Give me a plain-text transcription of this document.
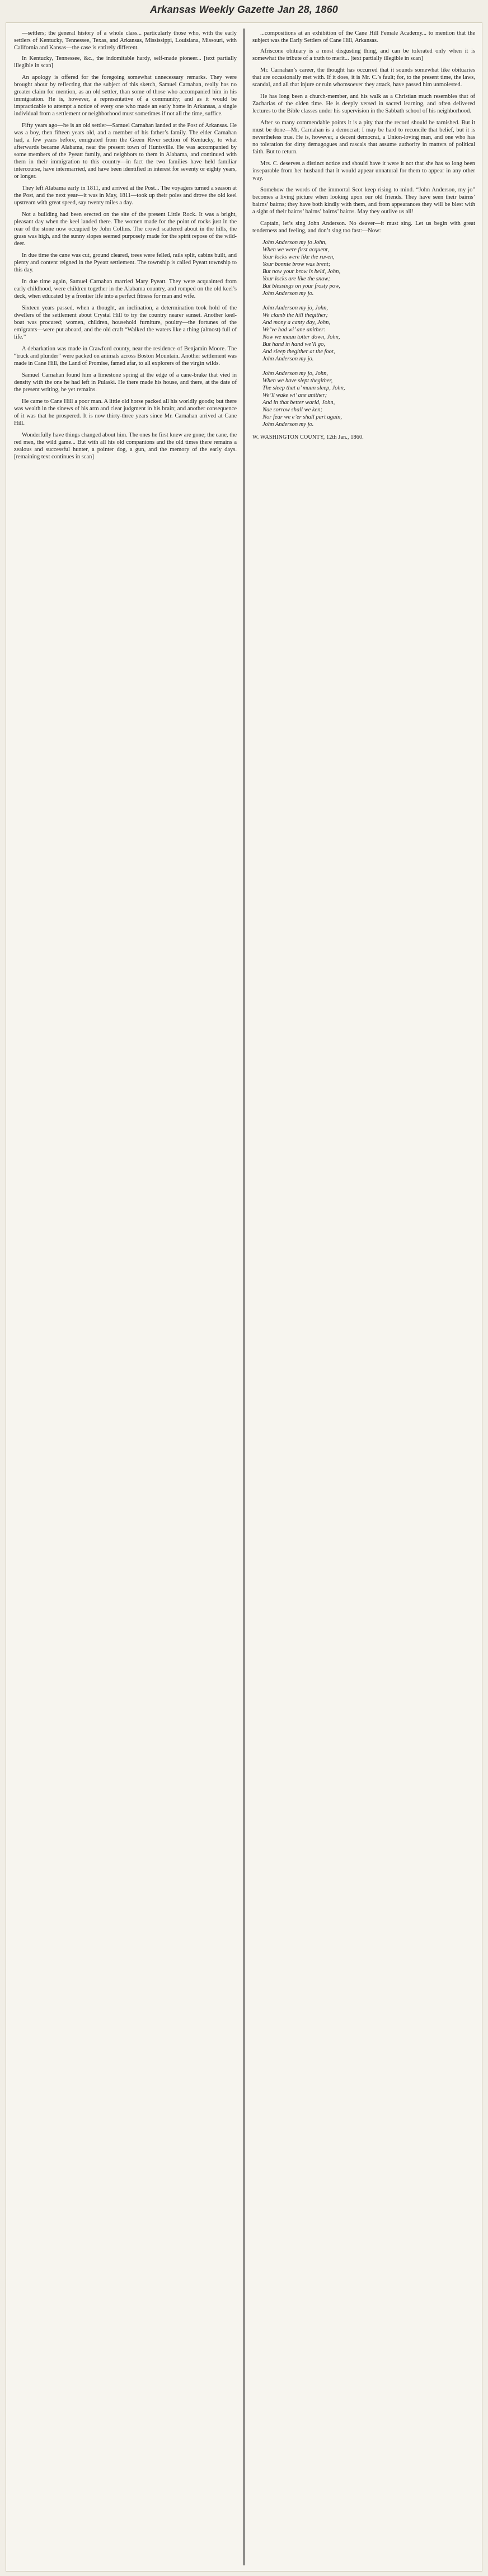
Arkansas Weekly Gazette Jan 28, 1860
—settlers; the general history of a whole class... particularly those who, with the early settlers of Kentucky, Tennessee, Texas, and Arkansas, Mississippi, Louisiana, Missouri, with California and Kansas—the case is entirely different.
In Kentucky, Tennessee, &c., the indomitable hardy, self-made pioneer... [text partially illegible in scan]
An apology is offered for the foregoing somewhat unnecessary remarks. They were brought about by reflecting that the subject of this sketch, Samuel Carnahan, really has no greater claim for mention, as an old settler, than some of those who accompanied him in his immigration. He is, however, a representative of a community; and as it would be impracticable to attempt a notice of every one who made an early home in Arkansas, a single individual from a settlement or neighborhood must sometimes if not all the time, suffice.
Fifty years ago—he is an old settler—Samuel Carnahan landed at the Post of Arkansas. He was a boy, then fifteen years old, and a member of his father’s family. The elder Carnahan had, a few years before, emigrated from the Green River section of Kentucky, to what afterwards became Alabama, near the present town of Huntsville. He was accompanied by some members of the Pyeatt family, and neighbors to them in Alabama, and continued with them in their immigration to this country—in fact the two families have held familiar intercourse, have intermarried, and have been identified in interest for seventy or eighty years, or longer.
They left Alabama early in 1811, and arrived at the Post... The voyagers turned a season at the Post, and the next year—it was in May, 1811—took up their poles and drove the old keel upstream with great speed, say twenty miles a day.
Not a building had been erected on the site of the present Little Rock. It was a bright, pleasant day when the keel landed there. The women made for the point of rocks just in the rear of the stone now occupied by John Collins. The crowd scattered about in the hills, the grass was high, and the sunny slopes seemed purposely made for the spirit repose of the wild-deer.
In due time the cane was cut, ground cleared, trees were felled, rails split, cabins built, and plenty and content reigned in the Pyeatt settlement. The township is called Pyeatt township to this day.
In due time again, Samuel Carnahan married Mary Pyeatt. They were acquainted from early childhood, were children together in the Alabama country, and romped on the old keel’s deck, when educated by a frontier life into a perfect fitness for man and wife.
Sixteen years passed, when a thought, an inclination, a determination took hold of the dwellers of the settlement about Crystal Hill to try the country nearer sunset. Another keel-boat was procured; women, children, household furniture, poultry—the fortunes of the emigrants—were put aboard, and the old craft “Walked the waters like a thing (almost) full of life.”
A debarkation was made in Crawford county, near the residence of Benjamin Moore. The “truck and plunder” were packed on animals across Boston Mountain. Another settlement was made in Cane Hill, the Land of Promise, famed afar, to all explorers of the virgin wilds.
Samuel Carnahan found him a limestone spring at the edge of a cane-brake that vied in density with the one he had left in Pulaski. He there made his house, and there, at the date of the present writing, he yet remains.
He came to Cane Hill a poor man. A little old horse packed all his worldly goods; but there was wealth in the sinews of his arm and clear judgment in his brain; and another consequence of it was that he prospered. It is now thirty-three years since Mr. Carnahan arrived at Cane Hill.
Wonderfully have things changed about him. The ones he first knew are gone; the cane, the red men, the wild game... But with all his old companions and the old times there remains a zealous and successful hunter, a pointer dog, a gun, and the memory of the early days. [remaining text continues in scan]
...compositions at an exhibition of the Cane Hill Female Academy... to mention that the subject was the Early Settlers of Cane Hill, Arkansas.
Afriscone obituary is a most disgusting thing, and can be tolerated only when it is somewhat the tribute of a truth to merit... [text partially illegible in scan]
Mr. Carnahan’s career, the thought has occurred that it sounds somewhat like obituaries that are occasionally met with. If it does, it is Mr. C.’s fault; for, to the present time, the laws, scandal, and all that injure or ruin whomsoever they attack, have passed him unmolested.
He has long been a church-member, and his walk as a Christian much resembles that of Zacharias of the olden time. He is deeply versed in sacred learning, and often delivered lectures to the Bible classes under his supervision in the Sabbath school of his neighborhood.
After so many commendable points it is a pity that the record should be tarnished. But it must be done—Mr. Carnahan is a democrat; I may be hard to reconcile that belief, but it is nevertheless true. He is, however, a decent democrat, a Union-loving man, and one who has no toleration for dirty demagogues and rascals that assume authority in matters of political faith. But to return.
Mrs. C. deserves a distinct notice and should have it were it not that she has so long been inseparable from her husband that it would appear unnatural for them to appear in any other way.
Somehow the words of the immortal Scot keep rising to mind. “John Anderson, my jo” becomes a living picture when looking upon our old friends. They have seen their bairns’ bairns’ bairns; they have both kindly with them, and from appearances they will be blest with a sight of their bairns’ bairns’ bairns’ bairns. May they outlive us all!
Captain, let’s sing John Anderson. No deaver—it must sing. Let us begin with great tenderness and feeling, and don’t sing too fast:—Now:
John Anderson my jo John,
When we were first acquent,
Your locks were like the raven,
Your bonnie brow was brent;
But now your brow is beld, John,
Your locks are like the snaw;
But blessings on your frosty pow,
John Anderson my jo.

John Anderson my jo, John,
We clamb the hill thegither;
And mony a canty day, John,
We’ve had wi’ ane anither:
Now we maun totter down, John,
But hand in hand we’ll go,
And sleep thegither at the foot,
John Anderson my jo.

John Anderson my jo, John,
When we have slept thegither,
The sleep that a’ maun sleep, John,
We’ll wake wi’ ane anither;
And in that better warld, John,
Nae sorrow shall we ken;
Nor fear we e’er shall part again,
John Anderson my jo.
W. WASHINGTON COUNTY, 12th Jan., 1860.
